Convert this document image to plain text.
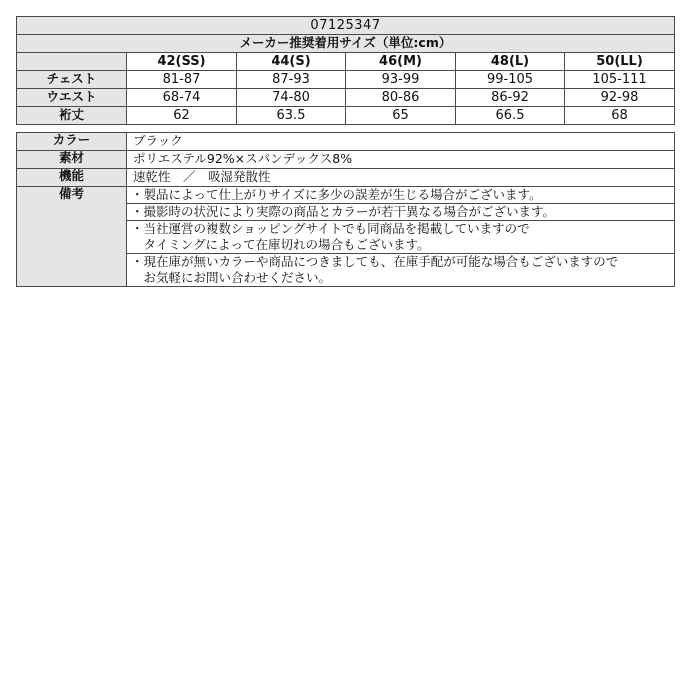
07125347					
メーカー推奨着用サイズ（単位:cm）					
	42(SS)	44(S)	46(M)	48(L)	50(LL)
チェスト	81-87	87-93	93-99	99-105	105-111
ウエスト	68-74	74-80	80-86	86-92	92-98
裄丈	62	63.5	65	66.5	68
カラー	ブラック
素材	ポリエステル92%×スパンデックス8%
機能	速乾性　／　吸湿発散性
備考	・製品によって仕上がりサイズに多少の誤差が生じる場合がございます。

	・撮影時の状況により実際の商品とカラーが若干異なる場合がございます。

	・当社運営の複数ショッピングサイトでも同商品を掲載していますので
　タイミングによって在庫切れの場合もございます。

	・現在庫が無いカラーや商品につきましても、在庫手配が可能な場合もございますので
　お気軽にお問い合わせください。
